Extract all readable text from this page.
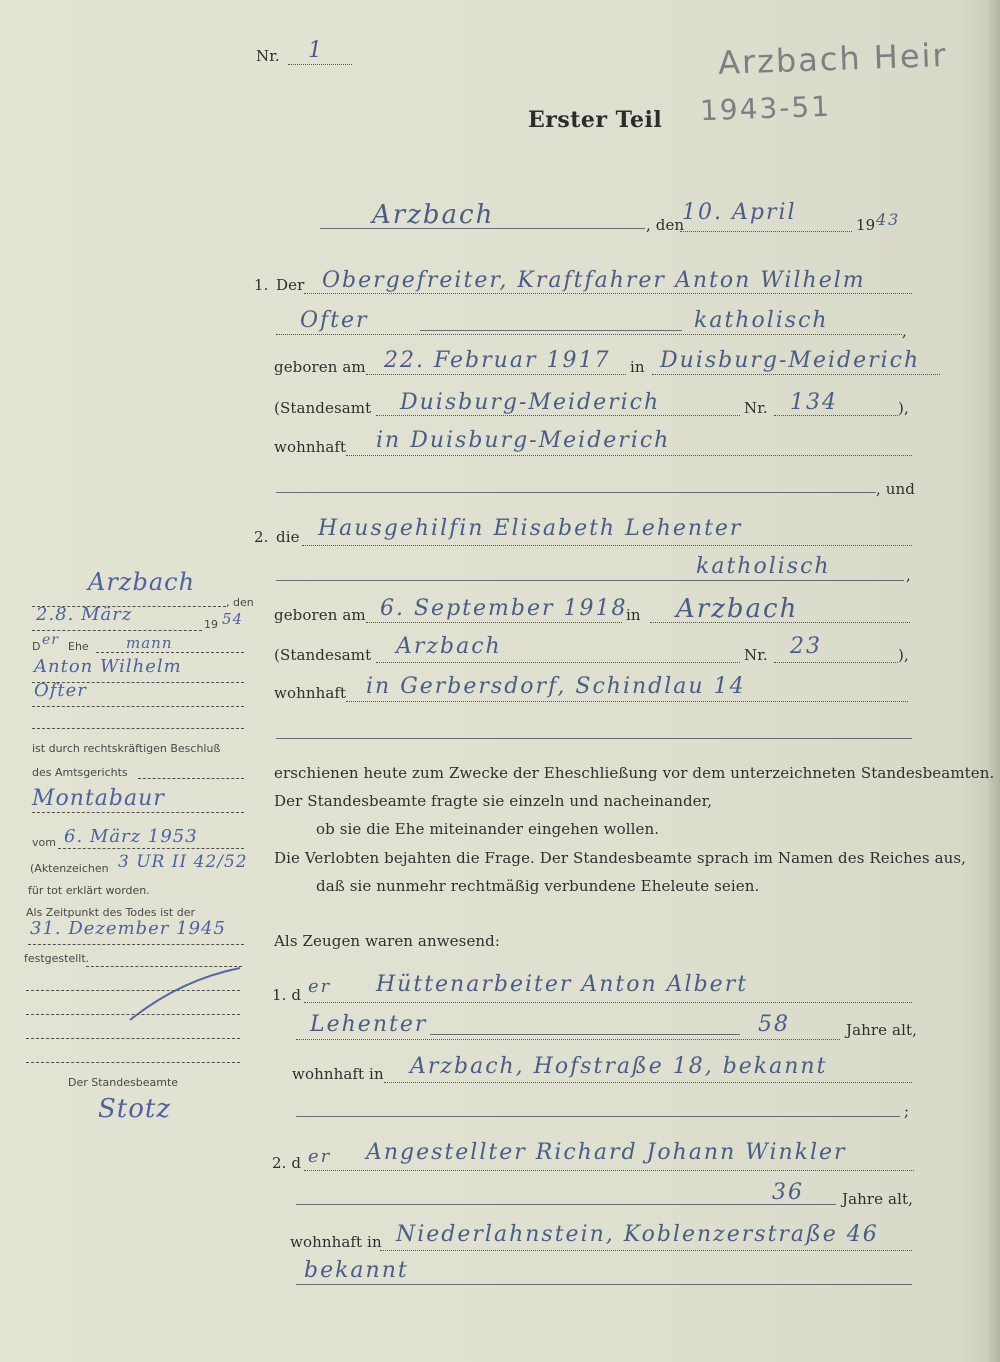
Arzbach Heir
1943-51
Nr. 1
Erster Teil
Arzbach	, den
10. April	19 43
1. Der Obergefreiter, Kraftfahrer Anton Wilhelm
Ofter	katholisch	,
geboren am 22. Februar 1917 in Duisburg-Meiderich
(Standesamt Duisburg-Meiderich	Nr. 134	),
wohnhaft in Duisburg-Meiderich
, und
2. die Hausgehilfin Elisabeth Lehenter
katholisch	,
geboren am 6. September 1918
in Arzbach
(Standesamt Arzbach	Nr. 23	),
wohnhaft in Gerbersdorf, Schindlau 14
erschienen heute zum Zwecke der Eheschließung vor dem unterzeichneten Standesbeamten.
Der Standesbeamte fragte sie einzeln und nacheinander,
ob sie die Ehe miteinander eingehen wollen.
Die Verlobten bejahten die Frage. Der Standesbeamte sprach im Namen des Reiches aus,
daß sie nunmehr rechtmäßig verbundene Eheleute seien.
Als Zeugen waren anwesend:
1. d er Hüttenarbeiter Anton Albert
Lehenter	58	Jahre alt,
wohnhaft in Arzbach, Hofstraße 18, bekannt
;
2. d er Angestellter Richard Johann Winkler
36	Jahre alt,
wohnhaft in Niederlahnstein, Koblenzerstraße 46
bekannt
Arzbach
, den
2.8. März	19 54
D er Ehe mann
Anton Wilhelm
Ofter
ist durch rechtskräftigen Beschluß
des Amtsgerichts
Montabaur
vom 6. März 1953
(Aktenzeichen 3 UR II 42/52
für tot erklärt worden.
Als Zeitpunkt des Todes ist der
31. Dezember 1945
festgestellt.
Der Standesbeamte
Stotz
